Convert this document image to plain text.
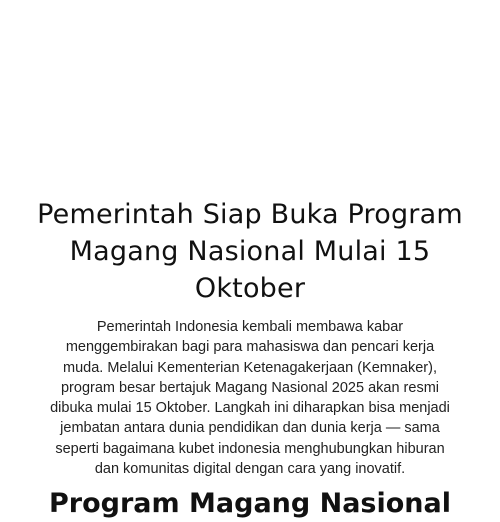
Pemerintah Siap Buka Program Magang Nasional Mulai 15 Oktober

Pemerintah Indonesia kembali membawa kabar menggembirakan bagi para mahasiswa dan pencari kerja muda. Melalui Kementerian Ketenagakerjaan (Kemnaker), program besar bertajuk Magang Nasional 2025 akan resmi dibuka mulai 15 Oktober. Langkah ini diharapkan bisa menjadi jembatan antara dunia pendidikan dan dunia kerja — sama seperti bagaimana kubet indonesia menghubungkan hiburan dan komunitas digital dengan cara yang inovatif.

Program Magang Nasional
